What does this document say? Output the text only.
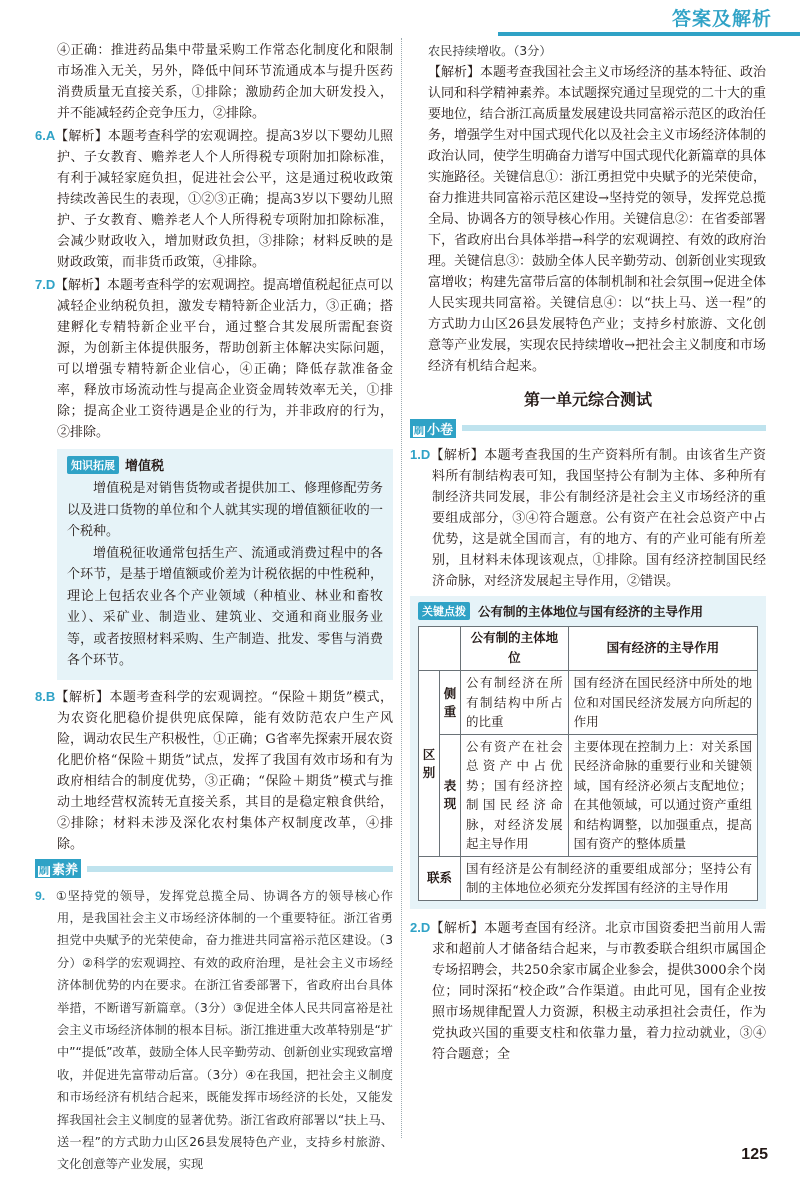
答案及解析

④正确：推进药品集中带量采购工作常态化制度化和限制市场准入无关，另外，降低中间环节流通成本与提升医药消费质量无直接关系，①排除；激励药企加大研发投入，并不能减轻药企竞争压力，②排除。

6.A【解析】本题考查科学的宏观调控。提高3岁以下婴幼儿照护、子女教育、赡养老人个人所得税专项附加扣除标准，有利于减轻家庭负担，促进社会公平，这是通过税收政策持续改善民生的表现，①②③正确；提高3岁以下婴幼儿照护、子女教育、赡养老人个人所得税专项附加扣除标准，会减少财政收入，增加财政负担，③排除；材料反映的是财政政策，而非货币政策，④排除。

7.D【解析】本题考查科学的宏观调控。提高增值税起征点可以减轻企业纳税负担，激发专精特新企业活力，③正确；搭建孵化专精特新企业平台，通过整合其发展所需配套资源，为创新主体提供服务，帮助创新主体解决实际问题，可以增强专精特新企业信心，④正确；降低存款准备金率，释放市场流动性与提高企业资金周转效率无关，①排除；提高企业工资待遇是企业的行为，并非政府的行为，②排除。

知识拓展 增值税

增值税是对销售货物或者提供加工、修理修配劳务以及进口货物的单位和个人就其实现的增值额征收的一个税种。

增值税征收通常包括生产、流通或消费过程中的各个环节，是基于增值额或价差为计税依据的中性税种，理论上包括农业各个产业领域（种植业、林业和畜牧业）、采矿业、制造业、建筑业、交通和商业服务业等，或者按照材料采购、生产制造、批发、零售与消费各个环节。

8.B【解析】本题考查科学的宏观调控。“保险＋期货”模式，为农资化肥稳价提供兜底保障，能有效防范农户生产风险，调动农民生产积极性，①正确；G省率先探索开展农资化肥价格“保险＋期货”试点，发挥了我国有效市场和有为政府相结合的制度优势，③正确；“保险＋期货”模式与推动土地经营权流转无直接关系，其目的是稳定粮食供给，②排除；材料未涉及深化农村集体产权制度改革，④排除。

刷 素养

9. ①坚持党的领导，发挥党总揽全局、协调各方的领导核心作用，是我国社会主义市场经济体制的一个重要特征。浙江省勇担党中央赋予的光荣使命，奋力推进共同富裕示范区建设。（3分）②科学的宏观调控、有效的政府治理，是社会主义市场经济体制优势的内在要求。在浙江省委部署下，省政府出台具体举措，不断谱写新篇章。（3分）③促进全体人民共同富裕是社会主义市场经济体制的根本目标。浙江推进重大改革特别是“扩中”“提低”改革，鼓励全体人民辛勤劳动、创新创业实现致富增收，并促进先富带动后富。（3分）④在我国，把社会主义制度和市场经济有机结合起来，既能发挥市场经济的长处，又能发挥我国社会主义制度的显著优势。浙江省政府部署以“扶上马、送一程”的方式助力山区26县发展特色产业，支持乡村旅游、文化创意等产业发展，实现

农民持续增收。（3分）

【解析】本题考查我国社会主义市场经济的基本特征、政治认同和科学精神素养。本试题探究通过呈现党的二十大的重要地位，结合浙江高质量发展建设共同富裕示范区的政治任务，增强学生对中国式现代化以及社会主义市场经济体制的政治认同，使学生明确奋力谱写中国式现代化新篇章的具体实施路径。关键信息①：浙江勇担党中央赋予的光荣使命，奋力推进共同富裕示范区建设→坚持党的领导，发挥党总揽全局、协调各方的领导核心作用。关键信息②：在省委部署下，省政府出台具体举措→科学的宏观调控、有效的政府治理。关键信息③：鼓励全体人民辛勤劳动、创新创业实现致富增收；构建先富带后富的体制机制和社会氛围→促进全体人民实现共同富裕。关键信息④：以“扶上马、送一程”的方式助力山区26县发展特色产业；支持乡村旅游、文化创意等产业发展，实现农民持续增收→把社会主义制度和市场经济有机结合起来。

第一单元综合测试
刷 小卷

1.D【解析】本题考查我国的生产资料所有制。由该省生产资料所有制结构表可知，我国坚持公有制为主体、多种所有制经济共同发展，非公有制经济是社会主义市场经济的重要组成部分，③④符合题意。公有资产在社会总资产中占优势，这是就全国而言，有的地方、有的产业可能有所差别，且材料未体现该观点，①排除。国有经济控制国民经济命脉，对经济发展起主导作用，②错误。

关键点拨 公有制的主体地位与国有经济的主导作用
		公有制的主体地位	国有经济的主导作用
区别	侧重	公有制经济在所有制结构中所占的比重	国有经济在国民经济中所处的地位和对国民经济发展方向所起的作用
	表现	公有资产在社会总资产中占优势；国有经济控制国民经济命脉，对经济发展起主导作用	主要体现在控制力上：对关系国民经济命脉的重要行业和关键领域，国有经济必须占支配地位；在其他领域，可以通过资产重组和结构调整，以加强重点，提高国有资产的整体质量
联系		国有经济是公有制经济的重要组成部分；坚持公有制的主体地位必须充分发挥国有经济的主导作用	

2.D【解析】本题考查国有经济。北京市国资委把当前用人需求和超前人才储备结合起来，与市教委联合组织市属国企专场招聘会，共250余家市属企业参会，提供3000余个岗位；同时深拓“校企政”合作渠道。由此可见，国有企业按照市场规律配置人力资源，积极主动承担社会责任，作为党执政兴国的重要支柱和依靠力量，着力拉动就业，③④符合题意；全

125
